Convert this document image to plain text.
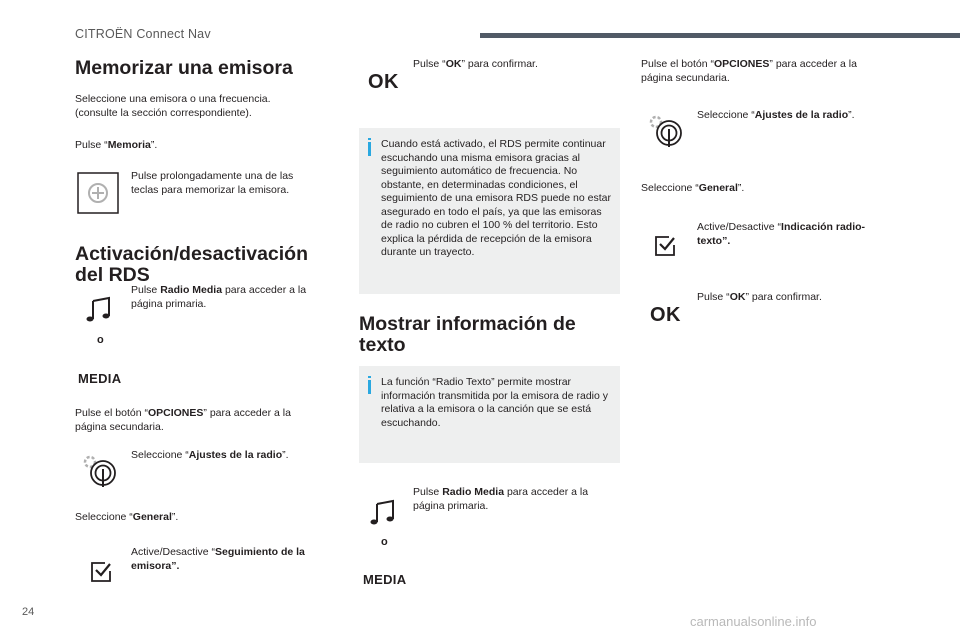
CITROËN Connect Nav
Memorizar una emisora

Seleccione una emisora o una frecuencia. (consulte la sección correspondiente).

Pulse “Memoria”.

Pulse prolongadamente una de las teclas para memorizar la emisora.

Activación/desactivación
del RDS

Pulse Radio Media para acceder a la página primaria.

o
MEDIA

Pulse el botón “OPCIONES” para acceder a la página secundaria.

Seleccione “Ajustes de la radio”.

Seleccione “General”.

Active/Desactive “Seguimiento de la emisora”.

OK

Pulse “OK” para confirmar.

Cuando está activado, el RDS permite continuar escuchando una misma emisora gracias al seguimiento automático de frecuencia. No obstante, en determinadas condiciones, el seguimiento de una emisora RDS puede no estar asegurado en todo el país, ya que las emisoras de radio no cubren el 100 % del territorio. Esto explica la pérdida de recepción de la emisora durante un trayecto.

Mostrar información de
texto

La función “Radio Texto” permite mostrar información transmitida por la emisora de radio y relativa a la emisora o la canción que se está escuchando.

Pulse Radio Media para acceder a la página primaria.

o
MEDIA

Pulse el botón “OPCIONES” para acceder a la página secundaria.

Seleccione “Ajustes de la radio”.

Seleccione “General”.

Active/Desactive “Indicación radio-texto”.

OK

Pulse “OK” para confirmar.

24
carmanualsonline.info
